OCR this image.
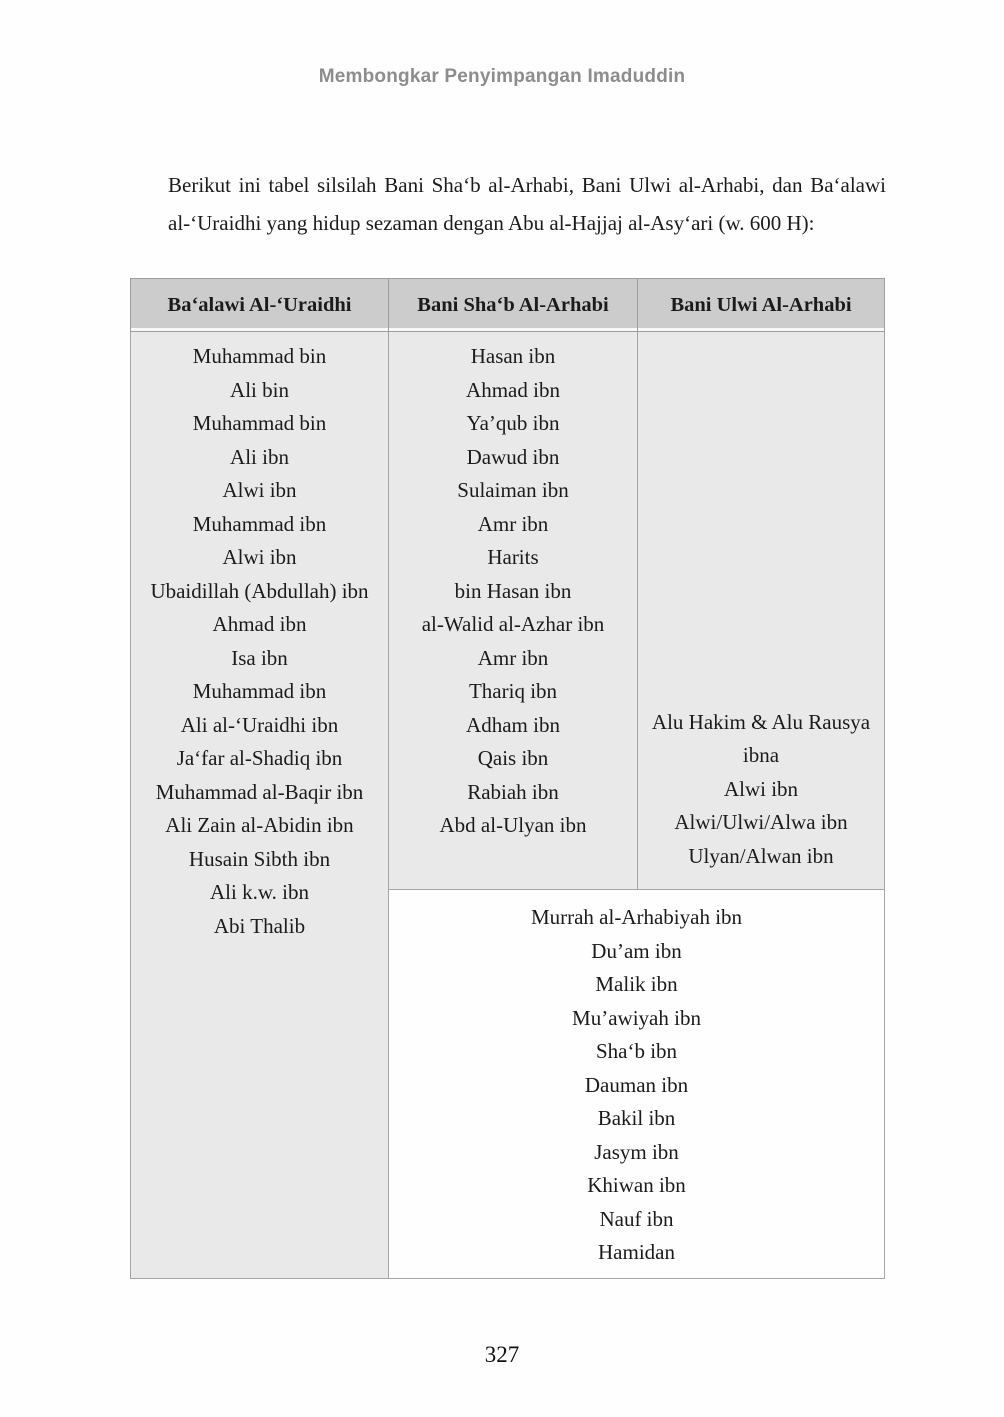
Membongkar Penyimpangan Imaduddin

Berikut ini tabel silsilah Bani Sha‘b al-Arhabi, Bani Ulwi al-Arhabi, dan Ba‘alawi al-‘Uraidhi yang hidup sezaman dengan Abu al-Hajjaj al-Asy‘ari (w. 600 H):

Ba‘alawi Al-‘Uraidhi	Bani Sha‘b Al-Arhabi	Bani Ulwi Al-Arhabi

Muhammad bin
Ali bin
Muhammad bin
Ali ibn
Alwi ibn
Muhammad ibn
Alwi ibn
Ubaidillah (Abdullah) ibn
Ahmad ibn
Isa ibn
Muhammad ibn
Ali al-‘Uraidhi ibn
Ja‘far al-Shadiq ibn
Muhammad al-Baqir ibn
Ali Zain al-Abidin ibn
Husain Sibth ibn
Ali k.w. ibn
Abi Thalib

Hasan ibn
Ahmad ibn
Ya’qub ibn
Dawud ibn
Sulaiman ibn
Amr ibn
Harits
bin Hasan ibn
al-Walid al-Azhar ibn
Amr ibn
Thariq ibn
Adham ibn
Qais ibn
Rabiah ibn
Abd al-Ulyan ibn

Alu Hakim & Alu Rausya
ibna
Alwi ibn
Alwi/Ulwi/Alwa ibn
Ulyan/Alwan ibn

Murrah al-Arhabiyah ibn
Du’am ibn
Malik ibn
Mu’awiyah ibn
Sha‘b ibn
Dauman ibn
Bakil ibn
Jasym ibn
Khiwan ibn
Nauf ibn
Hamidan
327
